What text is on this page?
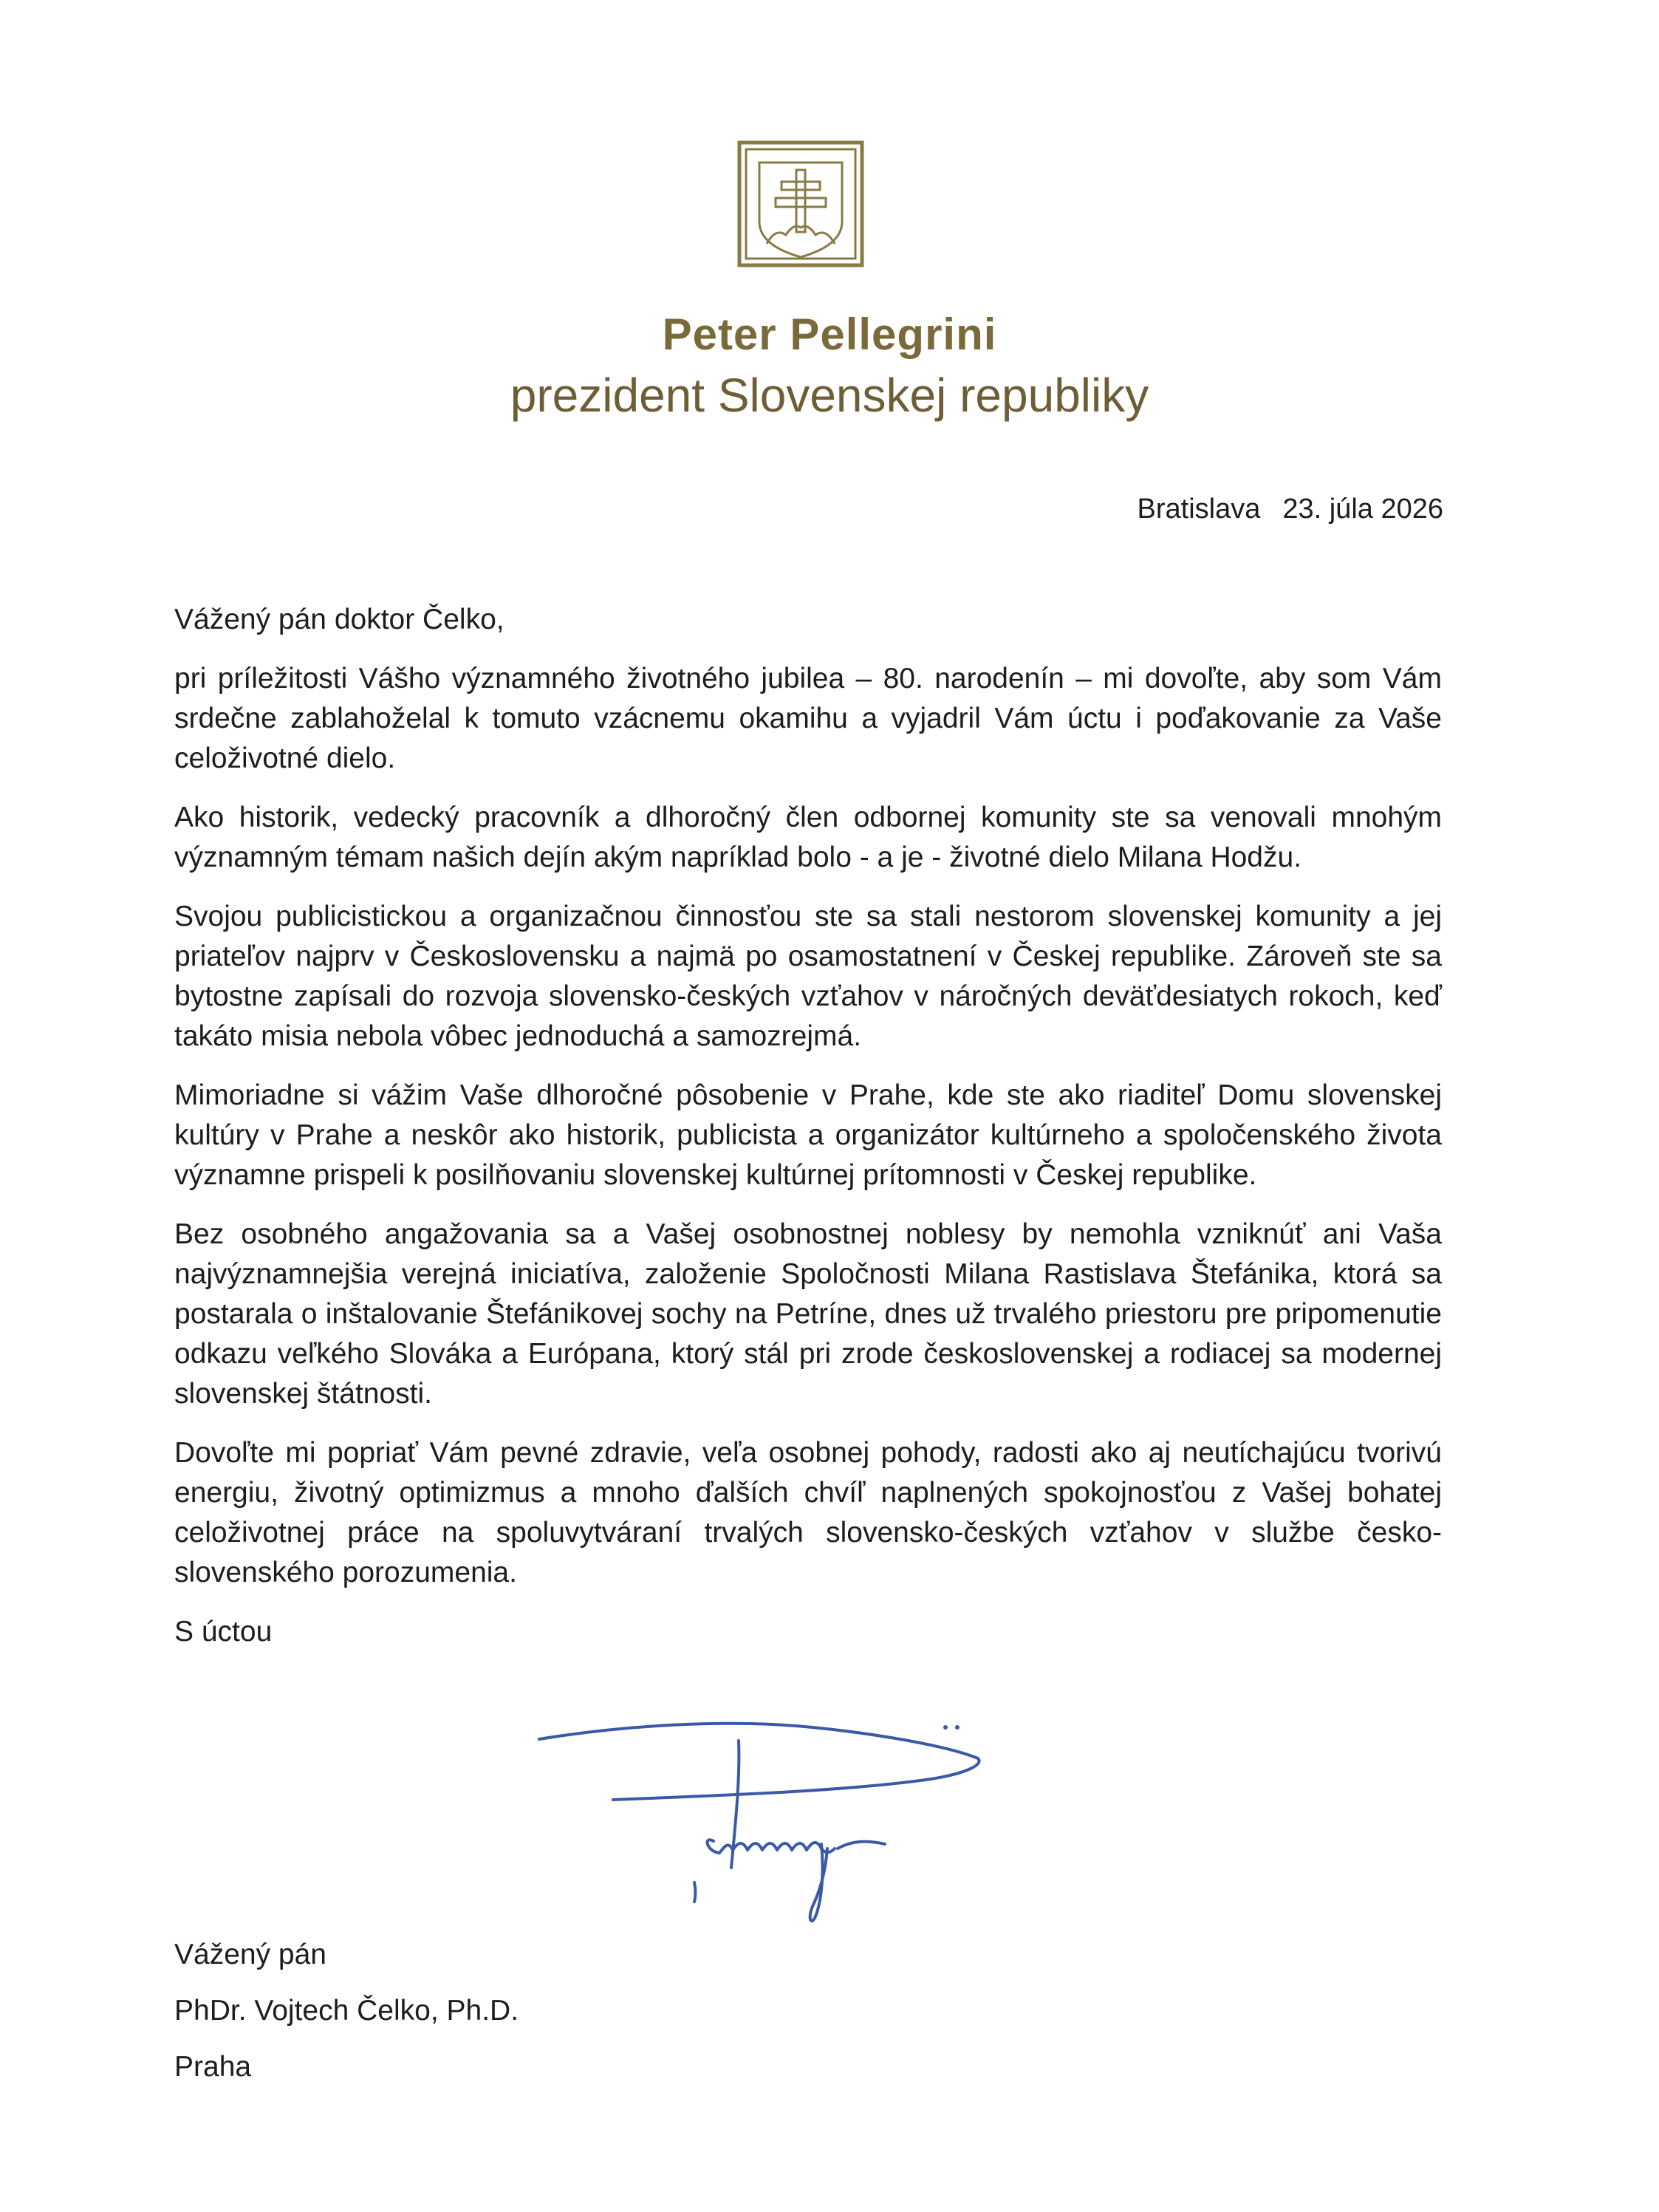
Peter Pellegrini
prezident Slovenskej republiky
Bratislava 23. júla 2026

Vážený pán doktor Čelko,

pri príležitosti Vášho významného životného jubilea – 80. narodenín – mi dovoľte, aby som Vám srdečne zablahoželal k tomuto vzácnemu okamihu a vyjadril Vám úctu i poďakovanie za Vaše celoživotné dielo.

Ako historik, vedecký pracovník a dlhoročný člen odbornej komunity ste sa venovali mnohým významným témam našich dejín akým napríklad bolo - a je - životné dielo Milana Hodžu.

Svojou publicistickou a organizačnou činnosťou ste sa stali nestorom slovenskej komunity a jej priateľov najprv v Československu a najmä po osamostatnení v Českej republike. Zároveň ste sa bytostne zapísali do rozvoja slovensko-českých vzťahov v náročných deväťdesiatych rokoch, keď takáto misia nebola vôbec jednoduchá a samozrejmá.

Mimoriadne si vážim Vaše dlhoročné pôsobenie v Prahe, kde ste ako riaditeľ Domu slovenskej kultúry v Prahe a neskôr ako historik, publicista a organizátor kultúrneho a spoločenského života významne prispeli k posilňovaniu slovenskej kultúrnej prítomnosti v Českej republike.

Bez osobného angažovania sa a Vašej osobnostnej noblesy by nemohla vzniknúť ani Vaša najvýznamnejšia verejná iniciatíva, založenie Spoločnosti Milana Rastislava Štefánika, ktorá sa postarala o inštalovanie Štefánikovej sochy na Petríne, dnes už trvalého priestoru pre pripomenutie odkazu veľkého Slováka a Európana, ktorý stál pri zrode československej a rodiacej sa modernej slovenskej štátnosti.

Dovoľte mi popriať Vám pevné zdravie, veľa osobnej pohody, radosti ako aj neutíchajúcu tvorivú energiu, životný optimizmus a mnoho ďalších chvíľ naplnených spokojnosťou z Vašej bohatej celoživotnej práce na spoluvytváraní trvalých slovensko-českých vzťahov v službe česko-slovenského porozumenia.

S úctou

Vážený pán
PhDr. Vojtech Čelko, Ph.D.
Praha
